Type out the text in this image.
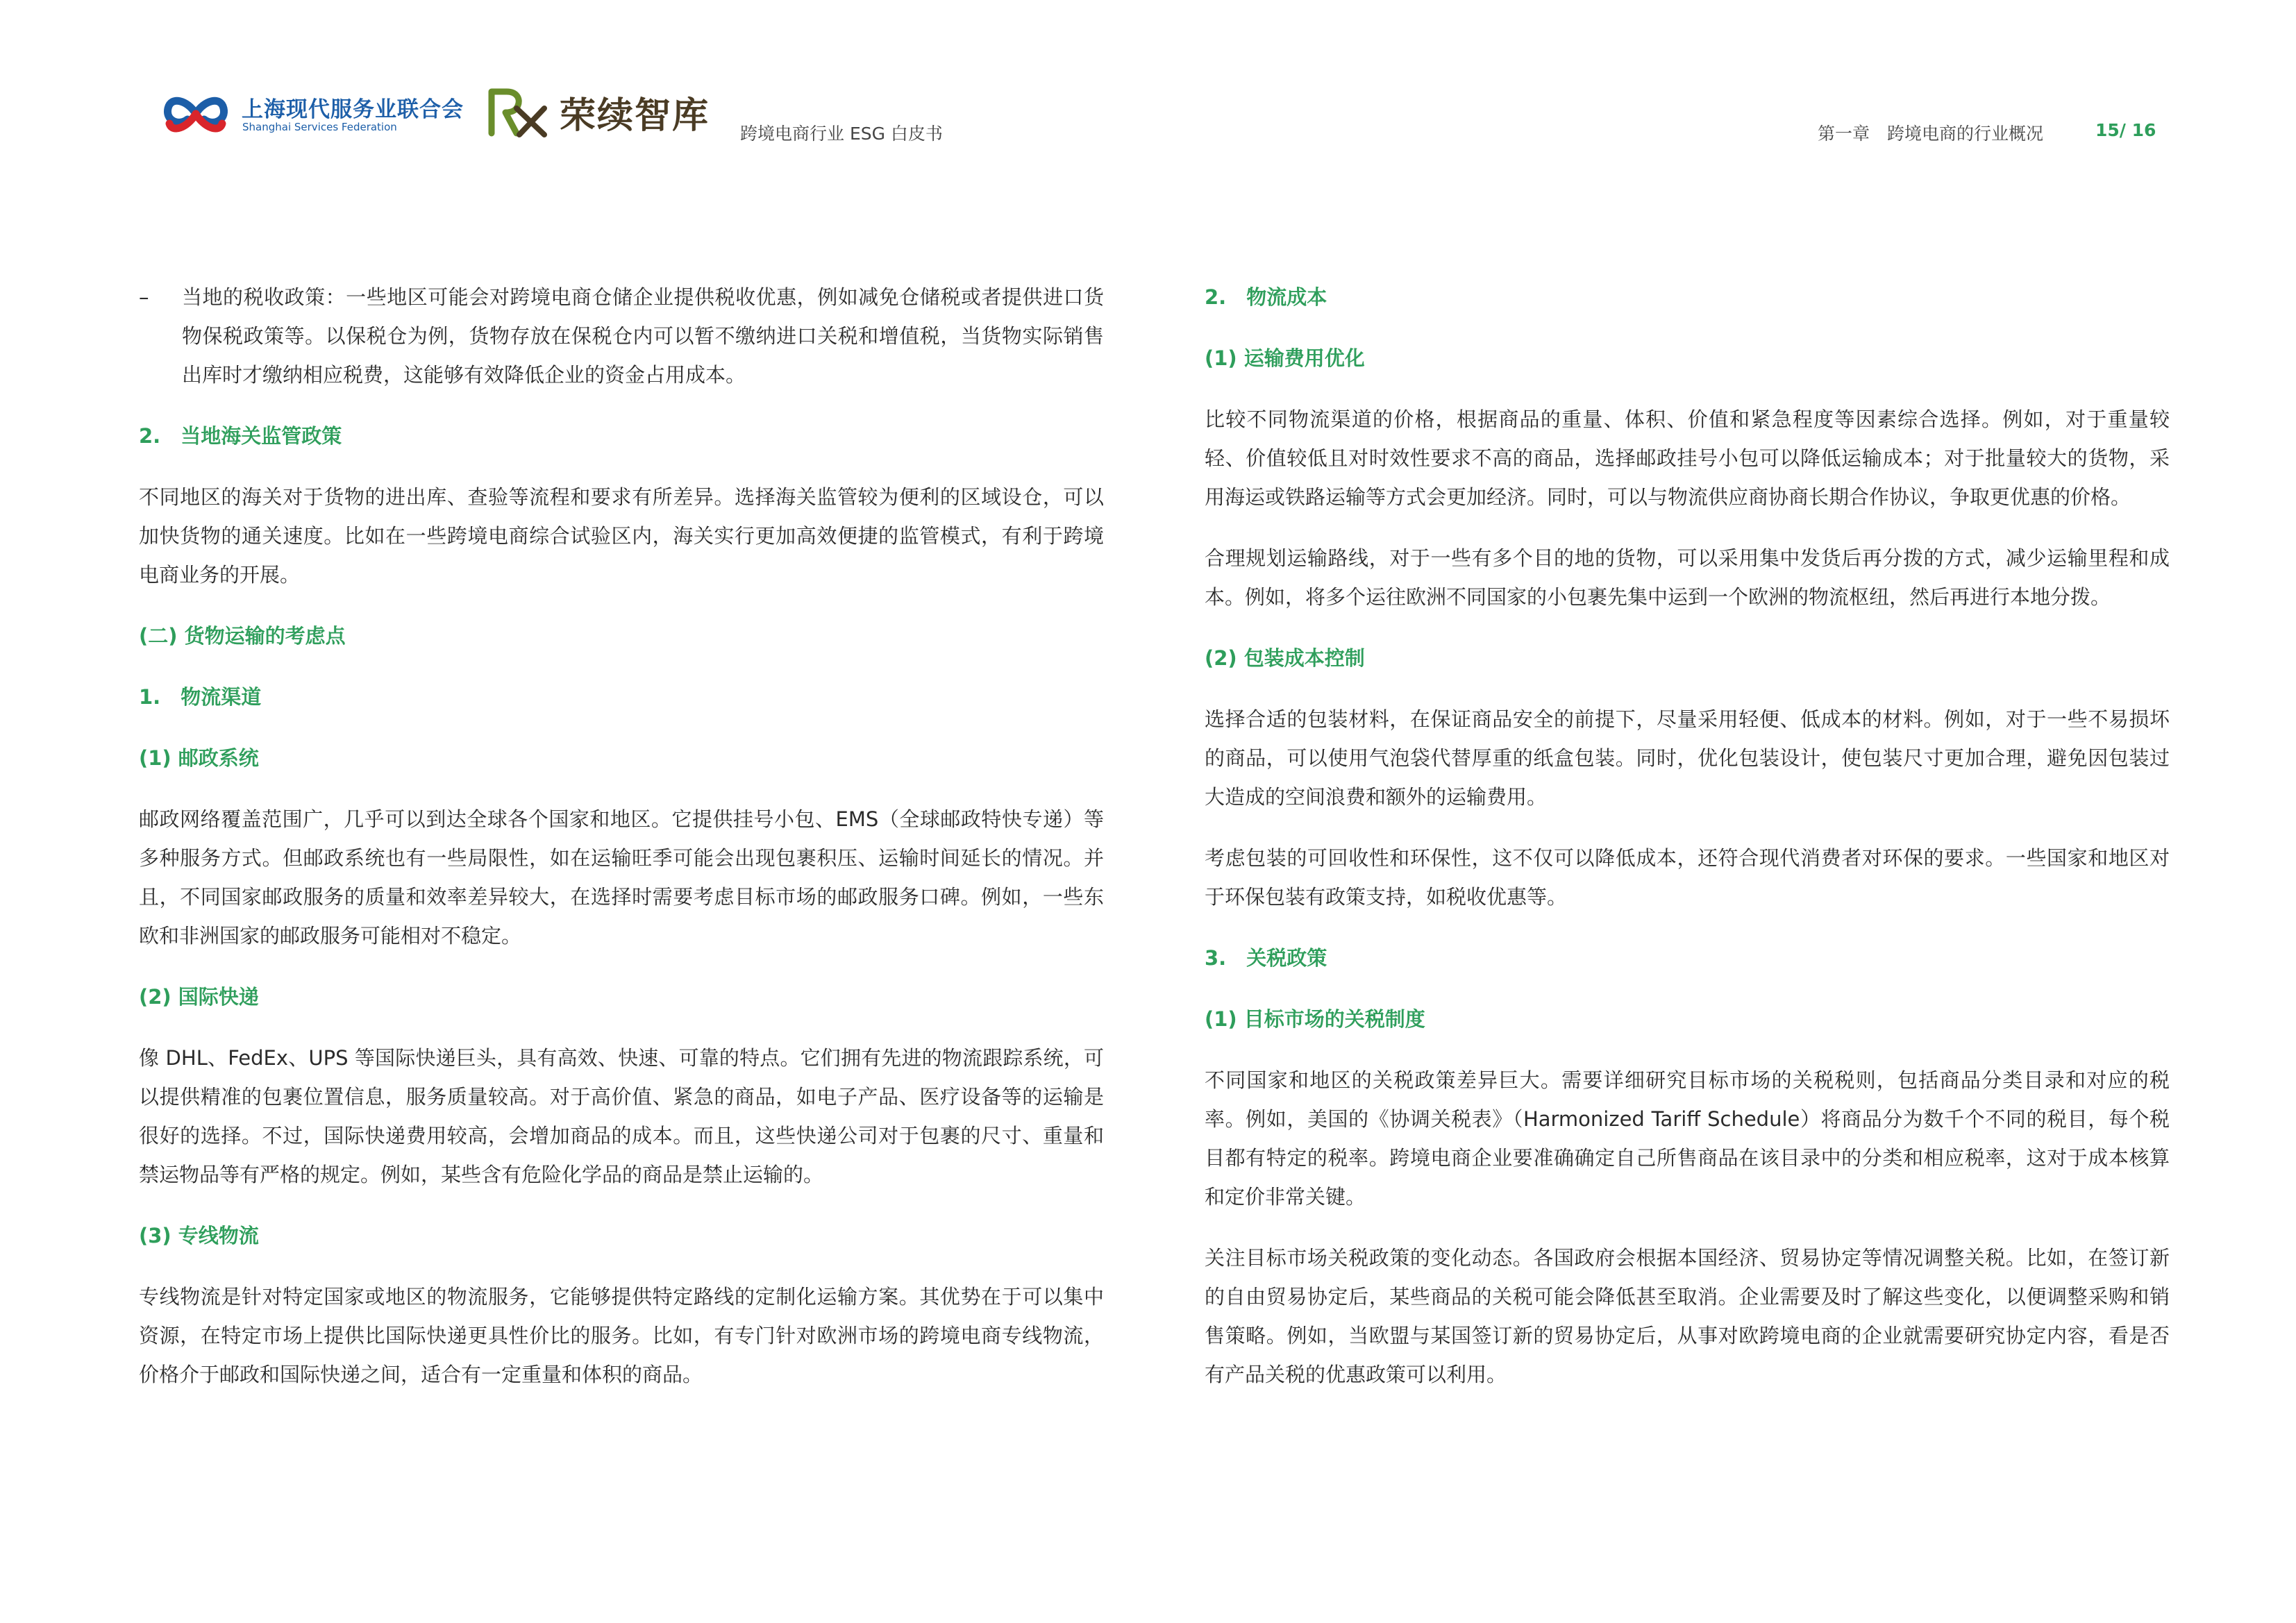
上海现代服务业联合会
Shanghai Services Federation	荣续智库 跨境电商行业 ESG 白皮书	第一章　跨境电商的行业概况	15/ 16
–	当地的税收政策：一些地区可能会对跨境电商仓储企业提供税收优惠，例如减免仓储税或者提供进口货物保税政策等。以保税仓为例，货物存放在保税仓内可以暂不缴纳进口关税和增值税，当货物实际销售出库时才缴纳相应税费，这能够有效降低企业的资金占用成本。
2.　当地海关监管政策

不同地区的海关对于货物的进出库、查验等流程和要求有所差异。选择海关监管较为便利的区域设仓，可以加快货物的通关速度。比如在一些跨境电商综合试验区内，海关实行更加高效便捷的监管模式，有利于跨境电商业务的开展。

(二) 货物运输的考虑点
1.　物流渠道
(1) 邮政系统

邮政网络覆盖范围广，几乎可以到达全球各个国家和地区。它提供挂号小包、EMS（全球邮政特快专递）等多种服务方式。但邮政系统也有一些局限性，如在运输旺季可能会出现包裹积压、运输时间延长的情况。并且，不同国家邮政服务的质量和效率差异较大，在选择时需要考虑目标市场的邮政服务口碑。例如，一些东欧和非洲国家的邮政服务可能相对不稳定。

(2) 国际快递

像 DHL、FedEx、UPS 等国际快递巨头，具有高效、快速、可靠的特点。它们拥有先进的物流跟踪系统，可以提供精准的包裹位置信息，服务质量较高。对于高价值、紧急的商品，如电子产品、医疗设备等的运输是很好的选择。不过，国际快递费用较高，会增加商品的成本。而且，这些快递公司对于包裹的尺寸、重量和禁运物品等有严格的规定。例如，某些含有危险化学品的商品是禁止运输的。

(3) 专线物流

专线物流是针对特定国家或地区的物流服务，它能够提供特定路线的定制化运输方案。其优势在于可以集中资源，在特定市场上提供比国际快递更具性价比的服务。比如，有专门针对欧洲市场的跨境电商专线物流，价格介于邮政和国际快递之间，适合有一定重量和体积的商品。

2.　物流成本
(1) 运输费用优化

比较不同物流渠道的价格，根据商品的重量、体积、价值和紧急程度等因素综合选择。例如，对于重量较轻、价值较低且对时效性要求不高的商品，选择邮政挂号小包可以降低运输成本；对于批量较大的货物，采用海运或铁路运输等方式会更加经济。同时，可以与物流供应商协商长期合作协议，争取更优惠的价格。

合理规划运输路线，对于一些有多个目的地的货物，可以采用集中发货后再分拨的方式，减少运输里程和成本。例如，将多个运往欧洲不同国家的小包裹先集中运到一个欧洲的物流枢纽，然后再进行本地分拨。

(2) 包装成本控制

选择合适的包装材料，在保证商品安全的前提下，尽量采用轻便、低成本的材料。例如，对于一些不易损坏的商品，可以使用气泡袋代替厚重的纸盒包装。同时，优化包装设计，使包装尺寸更加合理，避免因包装过大造成的空间浪费和额外的运输费用。

考虑包装的可回收性和环保性，这不仅可以降低成本，还符合现代消费者对环保的要求。一些国家和地区对于环保包装有政策支持，如税收优惠等。

3.　关税政策
(1) 目标市场的关税制度

不同国家和地区的关税政策差异巨大。需要详细研究目标市场的关税税则，包括商品分类目录和对应的税率。例如，美国的《协调关税表》（Harmonized Tariff Schedule）将商品分为数千个不同的税目，每个税目都有特定的税率。跨境电商企业要准确确定自己所售商品在该目录中的分类和相应税率，这对于成本核算和定价非常关键。

关注目标市场关税政策的变化动态。各国政府会根据本国经济、贸易协定等情况调整关税。比如，在签订新的自由贸易协定后，某些商品的关税可能会降低甚至取消。企业需要及时了解这些变化，以便调整采购和销售策略。例如，当欧盟与某国签订新的贸易协定后，从事对欧跨境电商的企业就需要研究协定内容，看是否有产品关税的优惠政策可以利用。
